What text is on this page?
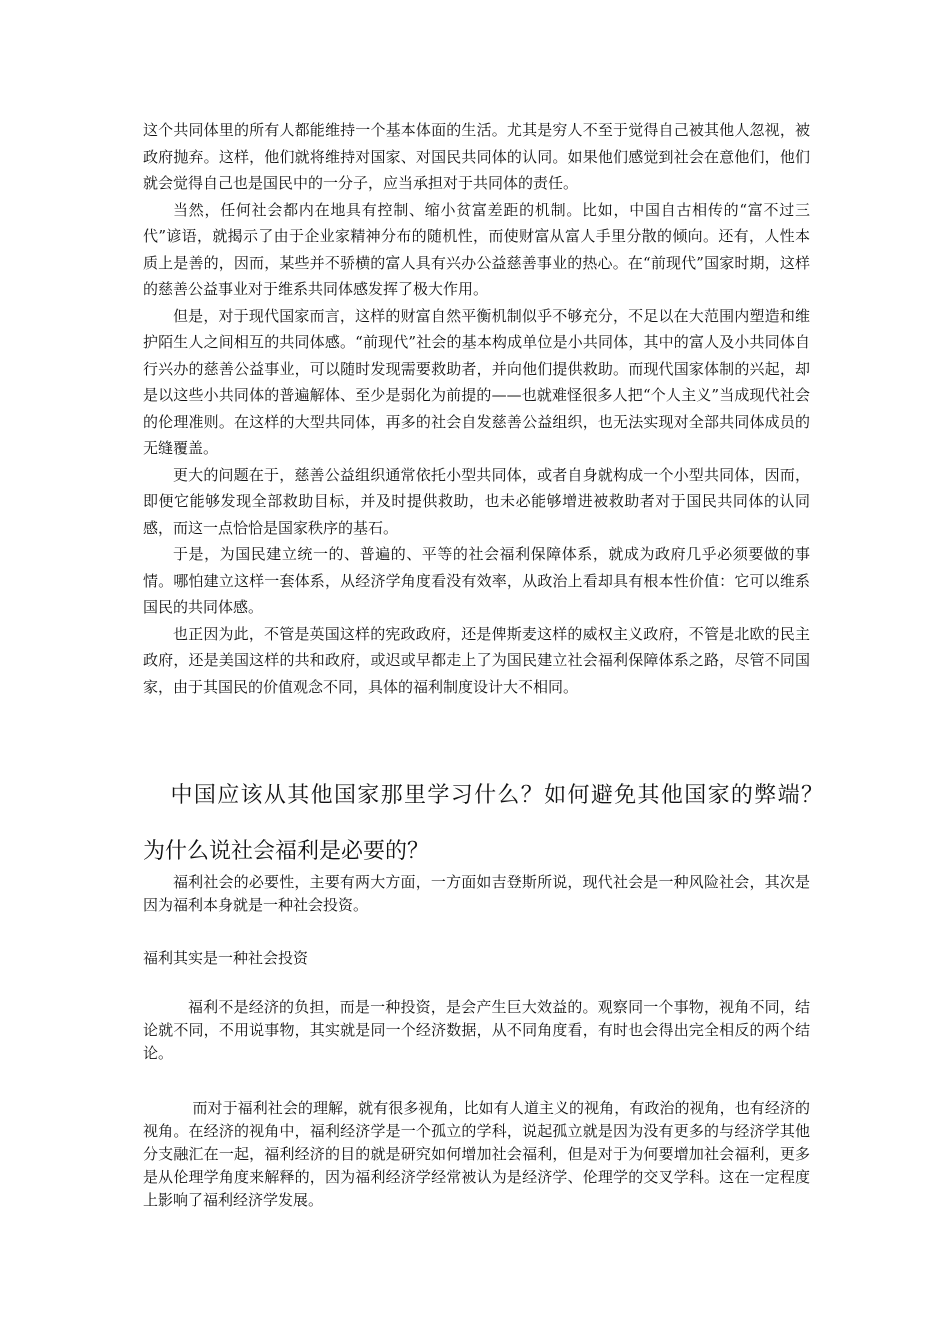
这个共同体里的所有人都能维持一个基本体面的生活。尤其是穷人不至于觉得自己被其他人忽视，被政府抛弃。这样，他们就将维持对国家、对国民共同体的认同。如果他们感觉到社会在意他们，他们就会觉得自己也是国民中的一分子，应当承担对于共同体的责任。

当然，任何社会都内在地具有控制、缩小贫富差距的机制。比如，中国自古相传的“富不过三代”谚语，就揭示了由于企业家精神分布的随机性，而使财富从富人手里分散的倾向。还有，人性本质上是善的，因而，某些并不骄横的富人具有兴办公益慈善事业的热心。在“前现代”国家时期，这样的慈善公益事业对于维系共同体感发挥了极大作用。

但是，对于现代国家而言，这样的财富自然平衡机制似乎不够充分，不足以在大范围内塑造和维护陌生人之间相互的共同体感。“前现代”社会的基本构成单位是小共同体，其中的富人及小共同体自行兴办的慈善公益事业，可以随时发现需要救助者，并向他们提供救助。而现代国家体制的兴起，却是以这些小共同体的普遍解体、至少是弱化为前提的——也就难怪很多人把“个人主义”当成现代社会的伦理准则。在这样的大型共同体，再多的社会自发慈善公益组织，也无法实现对全部共同体成员的无缝覆盖。

更大的问题在于，慈善公益组织通常依托小型共同体，或者自身就构成一个小型共同体，因而，即便它能够发现全部救助目标，并及时提供救助，也未必能够增进被救助者对于国民共同体的认同感，而这一点恰恰是国家秩序的基石。

于是，为国民建立统一的、普遍的、平等的社会福利保障体系，就成为政府几乎必须要做的事情。哪怕建立这样一套体系，从经济学角度看没有效率，从政治上看却具有根本性价值：它可以维系国民的共同体感。

也正因为此，不管是英国这样的宪政政府，还是俾斯麦这样的威权主义政府，不管是北欧的民主政府，还是美国这样的共和政府，或迟或早都走上了为国民建立社会福利保障体系之路，尽管不同国家，由于其国民的价值观念不同，具体的福利制度设计大不相同。

中国应该从其他国家那里学习什么？如何避免其他国家的弊端？　 为什么说社会福利是必要的？

福利社会的必要性，主要有两大方面，一方面如吉登斯所说，现代社会是一种风险社会，其次是因为福利本身就是一种社会投资。

福利其实是一种社会投资

福利不是经济的负担，而是一种投资，是会产生巨大效益的。观察同一个事物，视角不同，结论就不同，不用说事物，其实就是同一个经济数据，从不同角度看，有时也会得出完全相反的两个结论。

而对于福利社会的理解，就有很多视角，比如有人道主义的视角，有政治的视角，也有经济的视角。在经济的视角中，福利经济学是一个孤立的学科，说起孤立就是因为没有更多的与经济学其他分支融汇在一起，福利经济的目的就是研究如何增加社会福利，但是对于为何要增加社会福利，更多是从伦理学角度来解释的，因为福利经济学经常被认为是经济学、伦理学的交叉学科。这在一定程度上影响了福利经济学发展。
